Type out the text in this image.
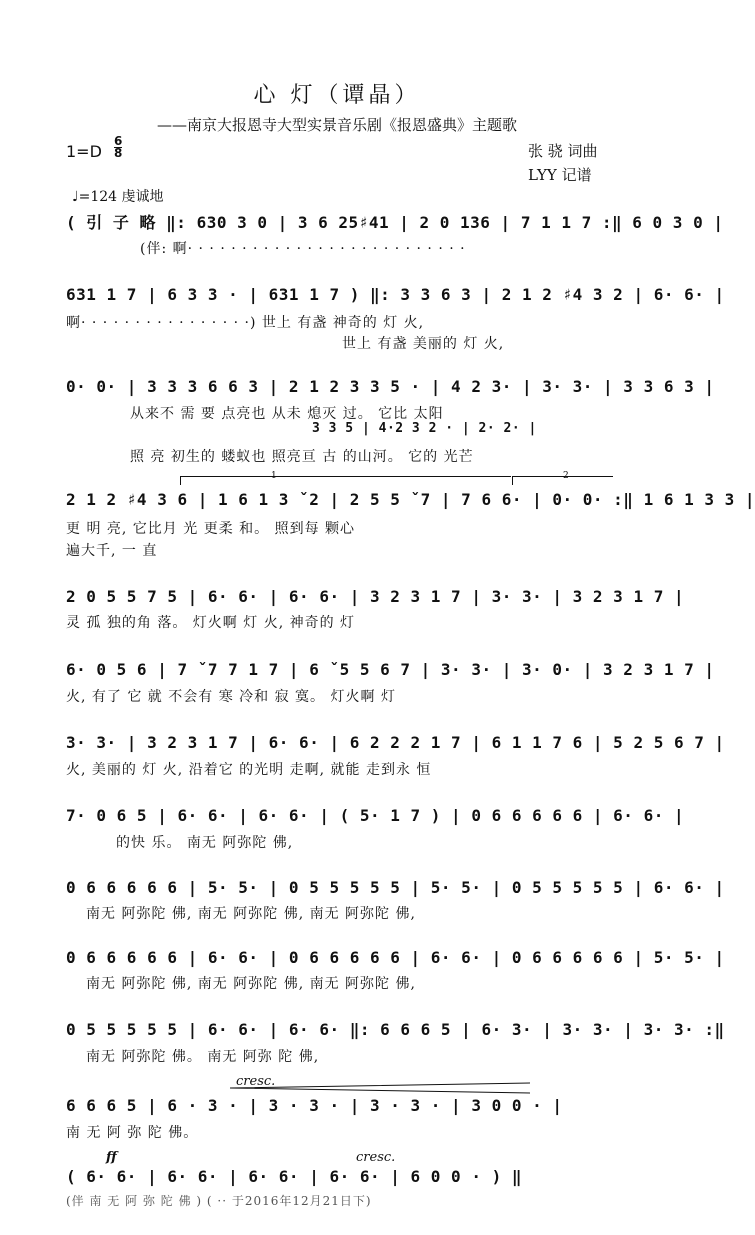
心 灯（谭晶）
——南京大报恩寺大型实景音乐剧《报恩盛典》主题歌
1=D
6
8	张 骁 词曲
LYY 记谱
♩=124 虔诚地
( 引 子 略 ‖: 630 3 0 | 3 6 25♯41 | 2 0 136 | 7 1 1 7 :‖ 6 0 3 0 |
(伴: 啊· · · · · · · · · · · · · · · · · · · · · · · · · ·
631 1 7 | 6 3 3 · | 631 1 7 ) ‖: 3 3 6 3 | 2 1 2 ♯4 3 2 | 6· 6· |
啊· · · · · · · · · · · · · · · ·) 世上 有盏 神奇的 灯 火,
世上 有盏 美丽的 灯 火,
0· 0· | 3 3 3 6 6 3 | 2 1 2 3 3 5 · | 4 2 3· | 3· 3· | 3 3 6 3 |
从来不 需 要 点亮也 从未 熄灭 过。 它比 太阳
3 3 5 | 4·2 3 2 · | 2· 2· |
照 亮 初生的 蝼蚁也 照亮亘 古 的山河。 它的 光芒
1	2
2 1 2 ♯4 3 6 | 1 6 1 3 ˇ2 | 2 5 5 ˇ7 | 7 6 6· | 0· 0· :‖ 1 6 1 3 3 |
更 明 亮, 它比月 光 更柔 和。 照到每 颗心
遍大千, 一 直
2 0 5 5 7 5 | 6· 6· | 6· 6· | 3 2 3 1 7 | 3· 3· | 3 2 3 1 7 |
灵 孤 独的角 落。 灯火啊 灯 火, 神奇的 灯
6· 0 5 6 | 7 ˇ7 7 1 7 | 6 ˇ5 5 6 7 | 3· 3· | 3· 0· | 3 2 3 1 7 |
火, 有了 它 就 不会有 寒 冷和 寂 寞。 灯火啊 灯
3· 3· | 3 2 3 1 7 | 6· 6· | 6 2 2 2 1 7 | 6 1 1 7 6 | 5 2 5 6 7 |
火, 美丽的 灯 火, 沿着它 的光明 走啊, 就能 走到永 恒
7· 0 6 5 | 6· 6· | 6· 6· | ( 5· 1 7 ) | 0 6 6 6 6 6 | 6· 6· |
的快 乐。 南无 阿弥陀 佛,
0 6 6 6 6 6 | 5· 5· | 0 5 5 5 5 5 | 5· 5· | 0 5 5 5 5 5 | 6· 6· |
南无 阿弥陀 佛, 南无 阿弥陀 佛, 南无 阿弥陀 佛,
0 6 6 6 6 6 | 6· 6· | 0 6 6 6 6 6 | 6· 6· | 0 6 6 6 6 6 | 5· 5· |
南无 阿弥陀 佛, 南无 阿弥陀 佛, 南无 阿弥陀 佛,
0 5 5 5 5 5 | 6· 6· | 6· 6· ‖: 6 6 6 5 | 6· 3· | 3· 3· | 3· 3· :‖
南无 阿弥陀 佛。 南无 阿弥 陀 佛,
cresc.
6 6 6 5 | 6 · 3 · | 3 · 3 · | 3 · 3 · | 3 0 0 · |
南 无 阿 弥 陀 佛。
ff	cresc.
( 6· 6· | 6· 6· | 6· 6· | 6· 6· | 6 0 0 · ) ‖
(伴 南 无 阿 弥 陀 佛 ) ( ·· 于2016年12月21日下)
